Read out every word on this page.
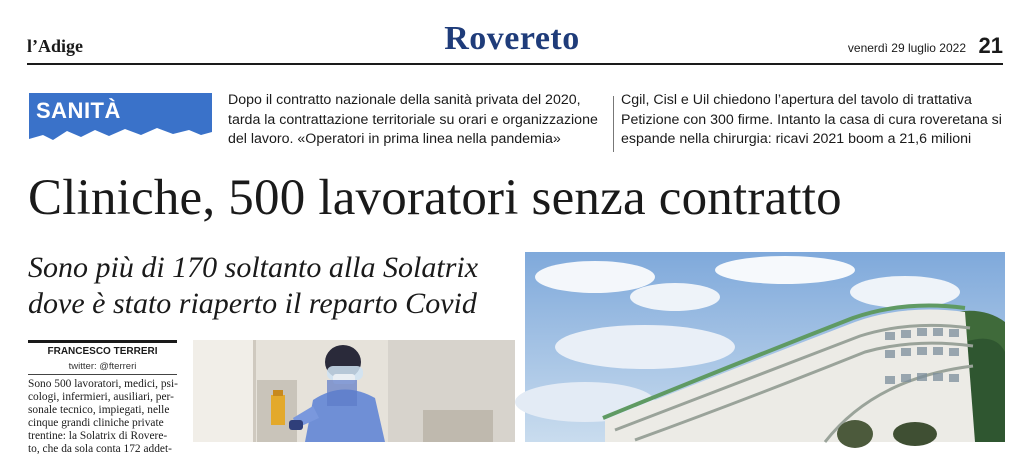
l’Adige	Rovereto	venerdì 29 luglio 2022 21
SANITÀ	Dopo il contratto nazionale della sanità privata del 2020, tarda la contrattazione territoriale su orari e organizzazione del lavoro. «Operatori in prima linea nella pandemia»
Cgil, Cisl e Uil chiedono l’apertura del tavolo di trattativa Petizione con 300 firme. Intanto la casa di cura roveretana si espande nella chirurgia: ricavi 2021 boom a 21,6 milioni
Cliniche, 500 lavoratori senza contratto
Sono più di 170 soltanto alla Solatrix dove è stato riaperto il reparto Covid
FRANCESCO TERRERI
twitter: @fterreri
Sono 500 lavoratori, medici, psi-
cologi, infermieri, ausiliari, per-
sonale tecnico, impiegati, nelle
cinque grandi cliniche private
trentine: la Solatrix di Rovere-
to, che da sola conta 172 addet-
